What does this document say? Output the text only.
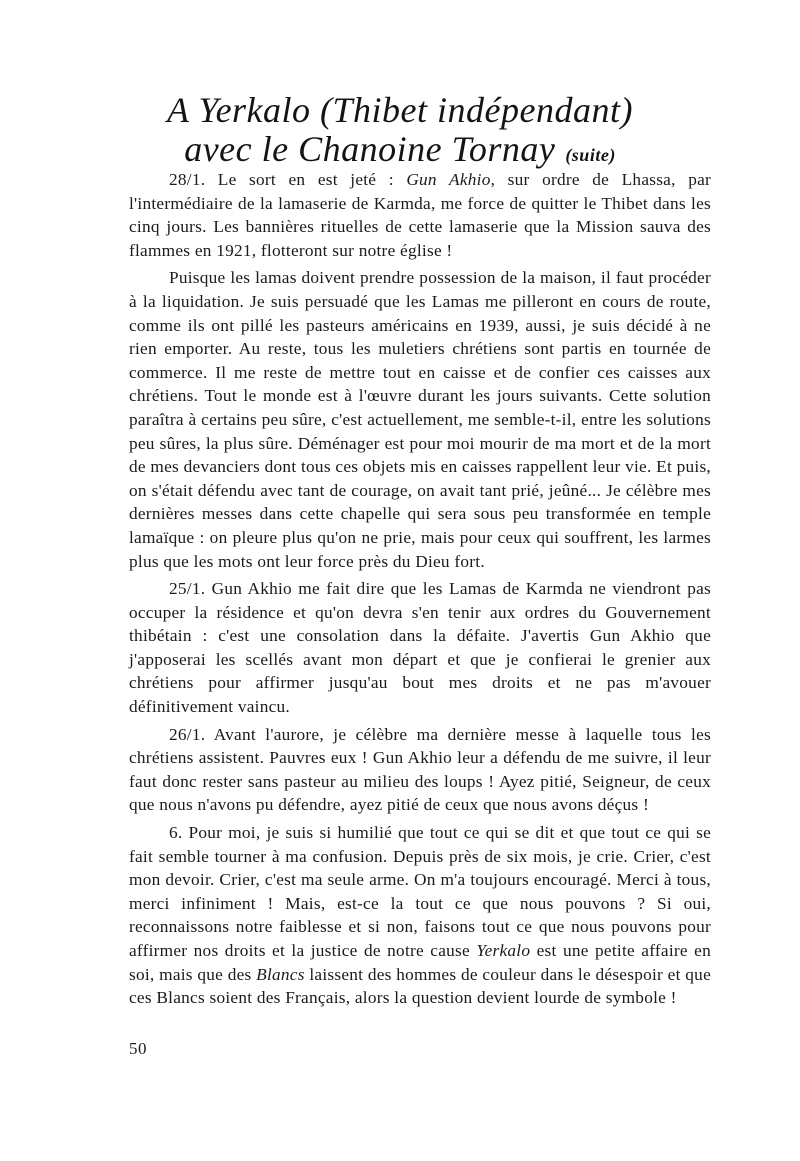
A Yerkalo (Thibet indépendant)
avec le Chanoine Tornay (suite)

28/1. Le sort en est jeté : Gun Akhio, sur ordre de Lhassa, par l'intermédiaire de la lamaserie de Karmda, me force de quitter le Thibet dans les cinq jours. Les bannières rituelles de cette lamaserie que la Mission sauva des flammes en 1921, flotteront sur notre église !

Puisque les lamas doivent prendre possession de la maison, il faut procéder à la liquidation. Je suis persuadé que les Lamas me pilleront en cours de route, comme ils ont pillé les pasteurs américains en 1939, aussi, je suis décidé à ne rien emporter. Au reste, tous les muletiers chrétiens sont partis en tournée de commerce. Il me reste de mettre tout en caisse et de confier ces caisses aux chrétiens. Tout le monde est à l'œuvre durant les jours suivants. Cette solution paraîtra à certains peu sûre, c'est actuellement, me semble-t-il, entre les solutions peu sûres, la plus sûre. Déménager est pour moi mourir de ma mort et de la mort de mes devanciers dont tous ces objets mis en caisses rappellent leur vie. Et puis, on s'était défendu avec tant de courage, on avait tant prié, jeûné... Je célèbre mes dernières messes dans cette chapelle qui sera sous peu transformée en temple lamaïque : on pleure plus qu'on ne prie, mais pour ceux qui souffrent, les larmes plus que les mots ont leur force près du Dieu fort.

25/1. Gun Akhio me fait dire que les Lamas de Karmda ne viendront pas occuper la résidence et qu'on devra s'en tenir aux ordres du Gouvernement thibétain : c'est une consolation dans la défaite. J'avertis Gun Akhio que j'apposerai les scellés avant mon départ et que je confierai le grenier aux chrétiens pour affirmer jusqu'au bout mes droits et ne pas m'avouer définitivement vaincu.

26/1. Avant l'aurore, je célèbre ma dernière messe à laquelle tous les chrétiens assistent. Pauvres eux ! Gun Akhio leur a défendu de me suivre, il leur faut donc rester sans pasteur au milieu des loups ! Ayez pitié, Seigneur, de ceux que nous n'avons pu défendre, ayez pitié de ceux que nous avons déçus !

6. Pour moi, je suis si humilié que tout ce qui se dit et que tout ce qui se fait semble tourner à ma confusion. Depuis près de six mois, je crie. Crier, c'est mon devoir. Crier, c'est ma seule arme. On m'a toujours encouragé. Merci à tous, merci infiniment ! Mais, est-ce la tout ce que nous pouvons ? Si oui, reconnaissons notre faiblesse et si non, faisons tout ce que nous pouvons pour affirmer nos droits et la justice de notre cause Yerkalo est une petite affaire en soi, mais que des Blancs laissent des hommes de couleur dans le désespoir et que ces Blancs soient des Français, alors la question devient lourde de symbole !

50
